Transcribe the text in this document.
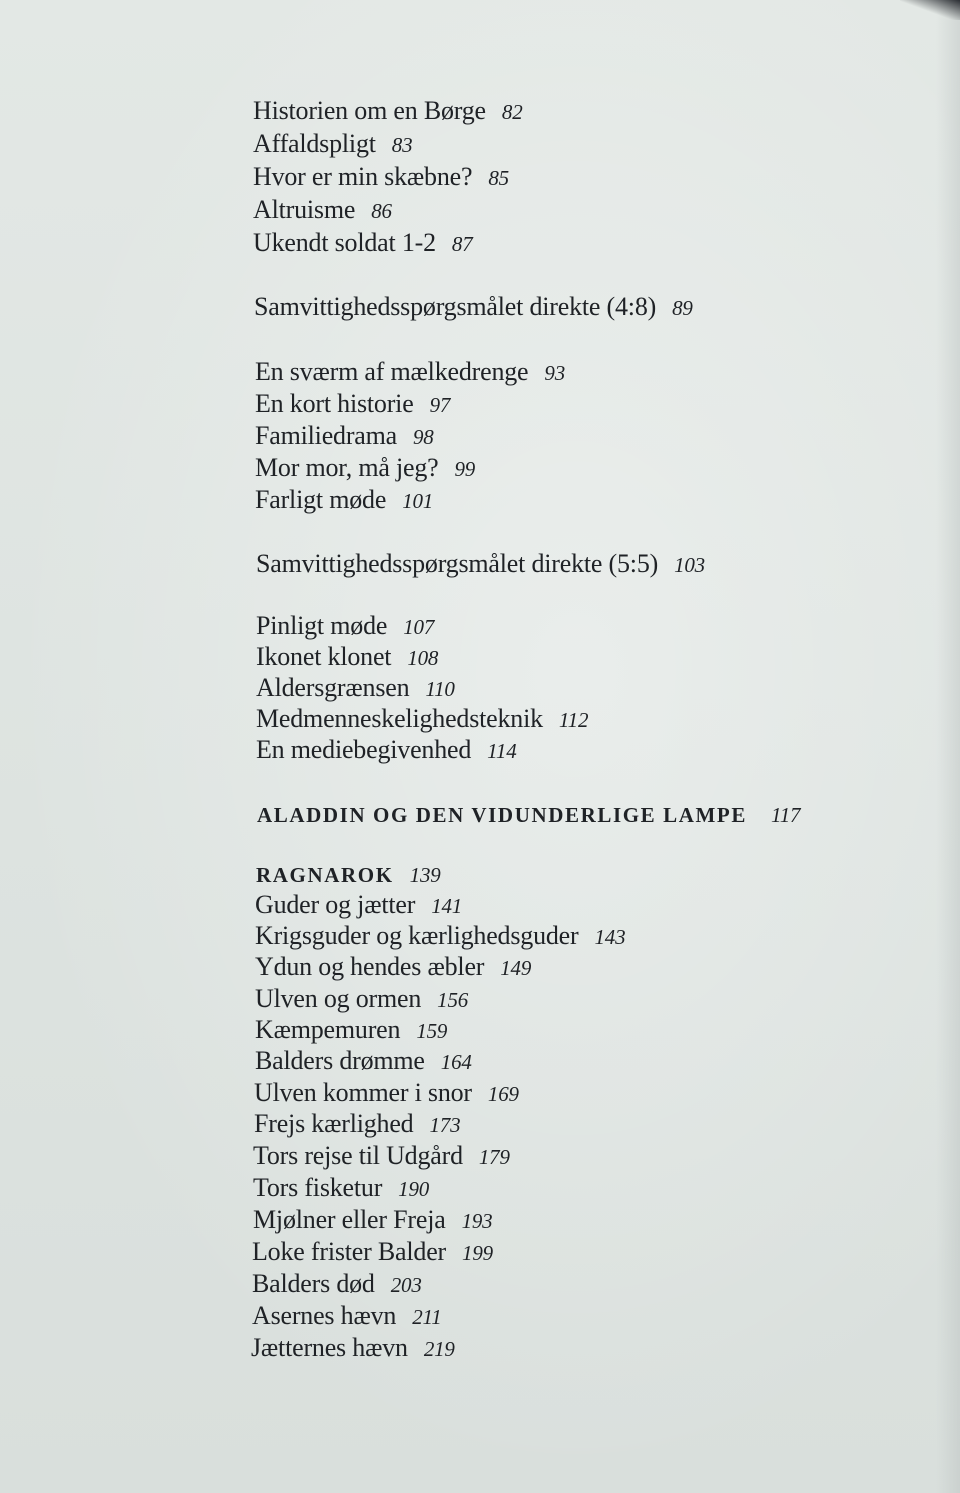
Historien om en Børge 82
Affaldspligt 83
Hvor er min skæbne? 85
Altruisme 86
Ukendt soldat 1-2 87
Samvittighedsspørgsmålet direkte (4:8) 89
En sværm af mælkedrenge 93
En kort historie 97
Familiedrama 98
Mor mor, må jeg? 99
Farligt møde 101
Samvittighedsspørgsmålet direkte (5:5) 103
Pinligt møde 107
Ikonet klonet 108
Aldersgrænsen 110
Medmenneskelighedsteknik 112
En mediebegivenhed 114
ALADDIN OG DEN VIDUNDERLIGE LAMPE 117
RAGNAROK 139
Guder og jætter 141
Krigsguder og kærlighedsguder 143
Ydun og hendes æbler 149
Ulven og ormen 156
Kæmpemuren 159
Balders drømme 164
Ulven kommer i snor 169
Frejs kærlighed 173
Tors rejse til Udgård 179
Tors fisketur 190
Mjølner eller Freja 193
Loke frister Balder 199
Balders død 203
Asernes hævn 211
Jætternes hævn 219
